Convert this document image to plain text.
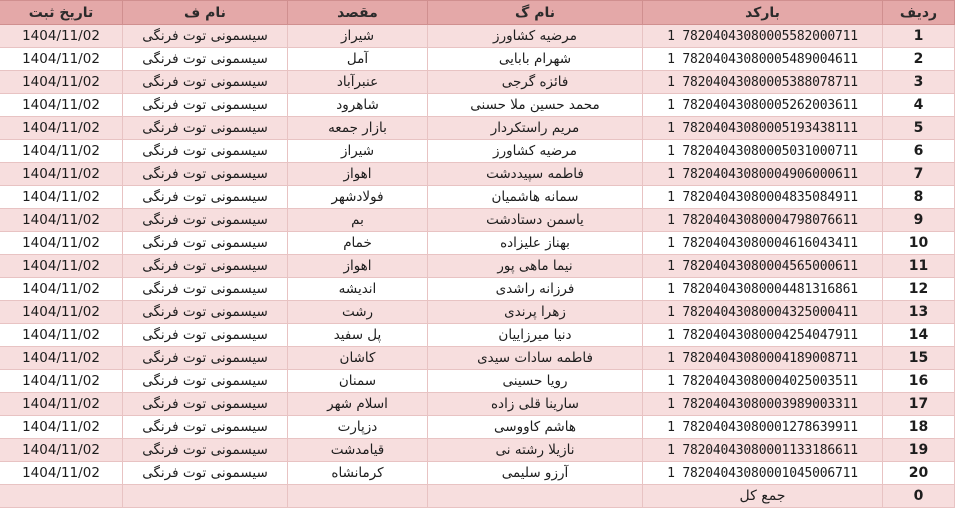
ردیف	بارکد	نام گ	مقصد	نام ف	تاریخ ثبت
1	78204043080005582000711 1	مرضیه کشاورز	شیراز	سیسمونی توت فرنگی	1404/11/02
2	78204043080005489004611 1	شهرام بابایی	آمل	سیسمونی توت فرنگی	1404/11/02
3	78204043080005388078711 1	فائزه گرجی	عنبرآباد	سیسمونی توت فرنگی	1404/11/02
4	78204043080005262003611 1	محمد حسین ملا حسنی	شاهرود	سیسمونی توت فرنگی	1404/11/02
5	78204043080005193438111 1	مریم راستکردار	بازار جمعه	سیسمونی توت فرنگی	1404/11/02
6	78204043080005031000711 1	مرضیه کشاورز	شیراز	سیسمونی توت فرنگی	1404/11/02
7	78204043080004906000611 1	فاطمه سپیددشت	اهواز	سیسمونی توت فرنگی	1404/11/02
8	78204043080004835084911 1	سمانه هاشمیان	فولادشهر	سیسمونی توت فرنگی	1404/11/02
9	78204043080004798076611 1	یاسمن دستادشت	بم	سیسمونی توت فرنگی	1404/11/02
10	78204043080004616043411 1	بهناز علیزاده	خمام	سیسمونی توت فرنگی	1404/11/02
11	78204043080004565000611 1	نیما ماهی پور	اهواز	سیسمونی توت فرنگی	1404/11/02
12	78204043080004481316861 1	فرزانه راشدی	اندیشه	سیسمونی توت فرنگی	1404/11/02
13	78204043080004325000411 1	زهرا پرندی	رشت	سیسمونی توت فرنگی	1404/11/02
14	78204043080004254047911 1	دنیا میرزاییان	پل سفید	سیسمونی توت فرنگی	1404/11/02
15	78204043080004189008711 1	فاطمه سادات سیدی	کاشان	سیسمونی توت فرنگی	1404/11/02
16	78204043080004025003511 1	رویا حسینی	سمنان	سیسمونی توت فرنگی	1404/11/02
17	78204043080003989003311 1	سارینا قلی زاده	اسلام شهر	سیسمونی توت فرنگی	1404/11/02
18	78204043080001278639911 1	هاشم کاووسی	دزپارت	سیسمونی توت فرنگی	1404/11/02
19	78204043080001133186611 1	نازیلا رشته نی	قیامدشت	سیسمونی توت فرنگی	1404/11/02
20	78204043080001045006711 1	آرزو سلیمی	کرمانشاه	سیسمونی توت فرنگی	1404/11/02
0	جمع کل				
